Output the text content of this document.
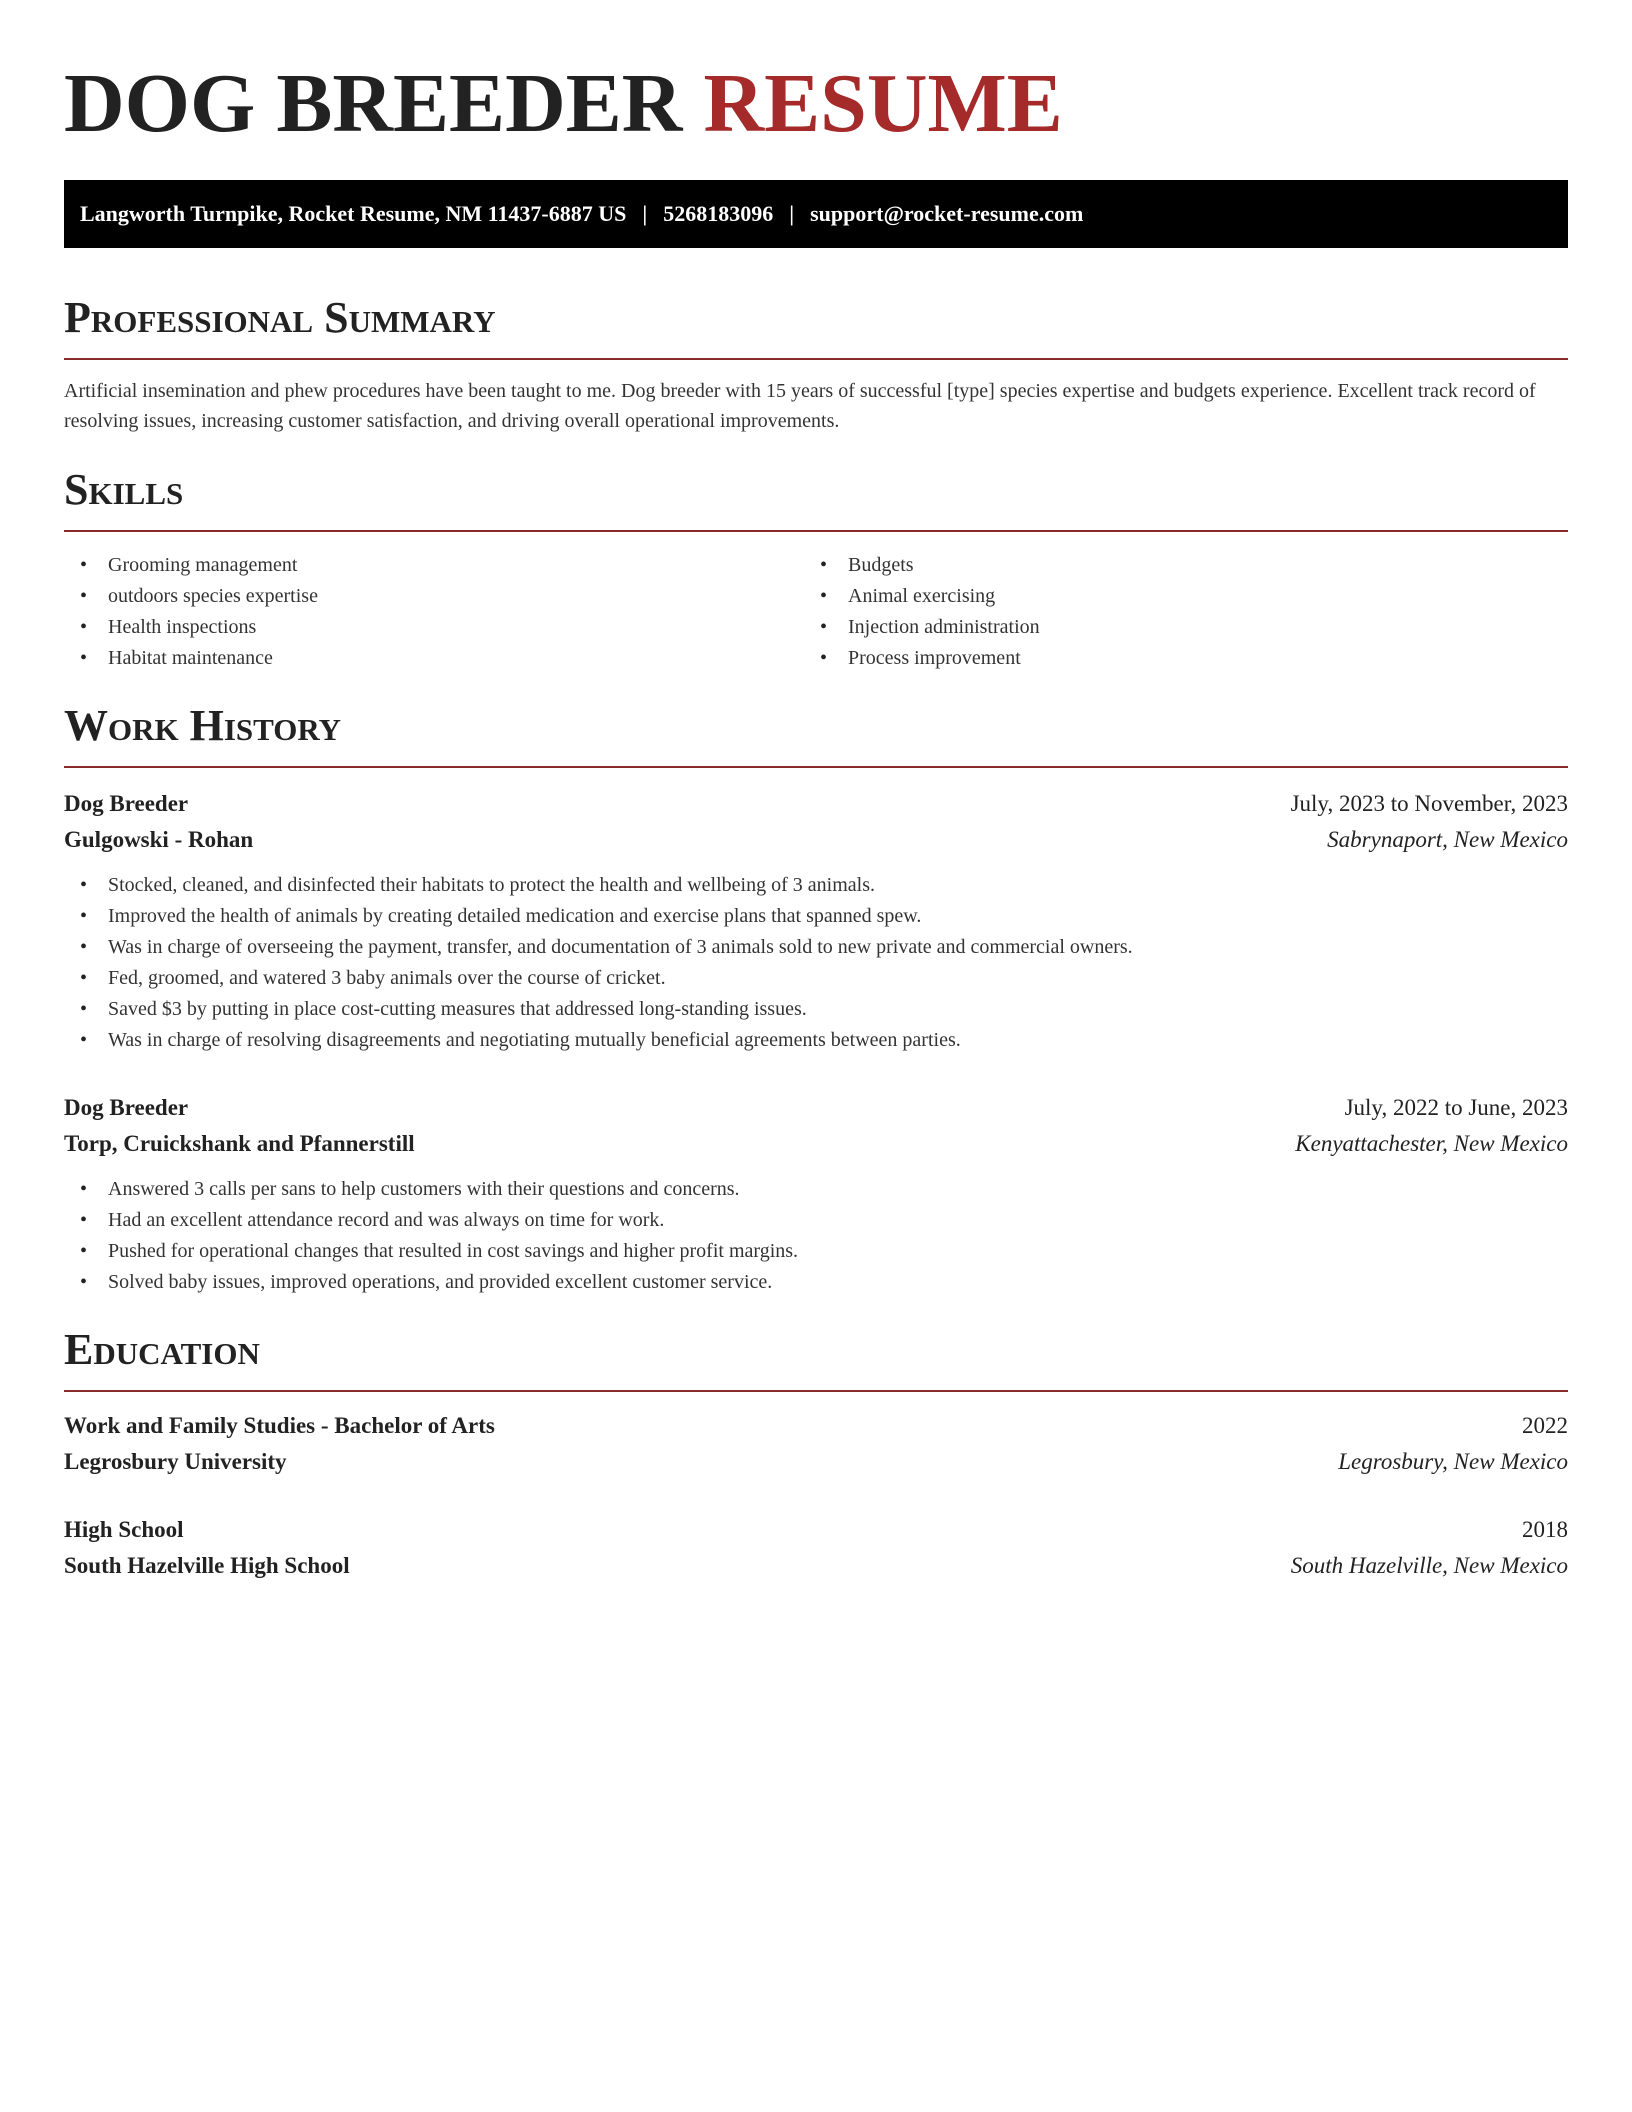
DOG BREEDER RESUME
Langworth Turnpike, Rocket Resume, NM 11437-6887 US | 5268183096 | support@rocket-resume.com
Professional Summary

Artificial insemination and phew procedures have been taught to me. Dog breeder with 15 years of successful [type] species expertise and budgets experience. Excellent track record of resolving issues, increasing customer satisfaction, and driving overall operational improvements.

Skills
• Grooming management
• outdoors species expertise
• Health inspections
• Habitat maintenance
• Budgets
• Animal exercising
• Injection administration
• Process improvement
Work History
Dog Breeder	July, 2023 to November, 2023
Gulgowski - Rohan	Sabrynaport, New Mexico
• Stocked, cleaned, and disinfected their habitats to protect the health and wellbeing of 3 animals.
• Improved the health of animals by creating detailed medication and exercise plans that spanned spew.
• Was in charge of overseeing the payment, transfer, and documentation of 3 animals sold to new private and commercial owners.
• Fed, groomed, and watered 3 baby animals over the course of cricket.
• Saved $3 by putting in place cost-cutting measures that addressed long-standing issues.
• Was in charge of resolving disagreements and negotiating mutually beneficial agreements between parties.
Dog Breeder	July, 2022 to June, 2023
Torp, Cruickshank and Pfannerstill	Kenyattachester, New Mexico
• Answered 3 calls per sans to help customers with their questions and concerns.
• Had an excellent attendance record and was always on time for work.
• Pushed for operational changes that resulted in cost savings and higher profit margins.
• Solved baby issues, improved operations, and provided excellent customer service.
Education
Work and Family Studies - Bachelor of Arts	2022
Legrosbury University	Legrosbury, New Mexico
High School	2018
South Hazelville High School	South Hazelville, New Mexico
